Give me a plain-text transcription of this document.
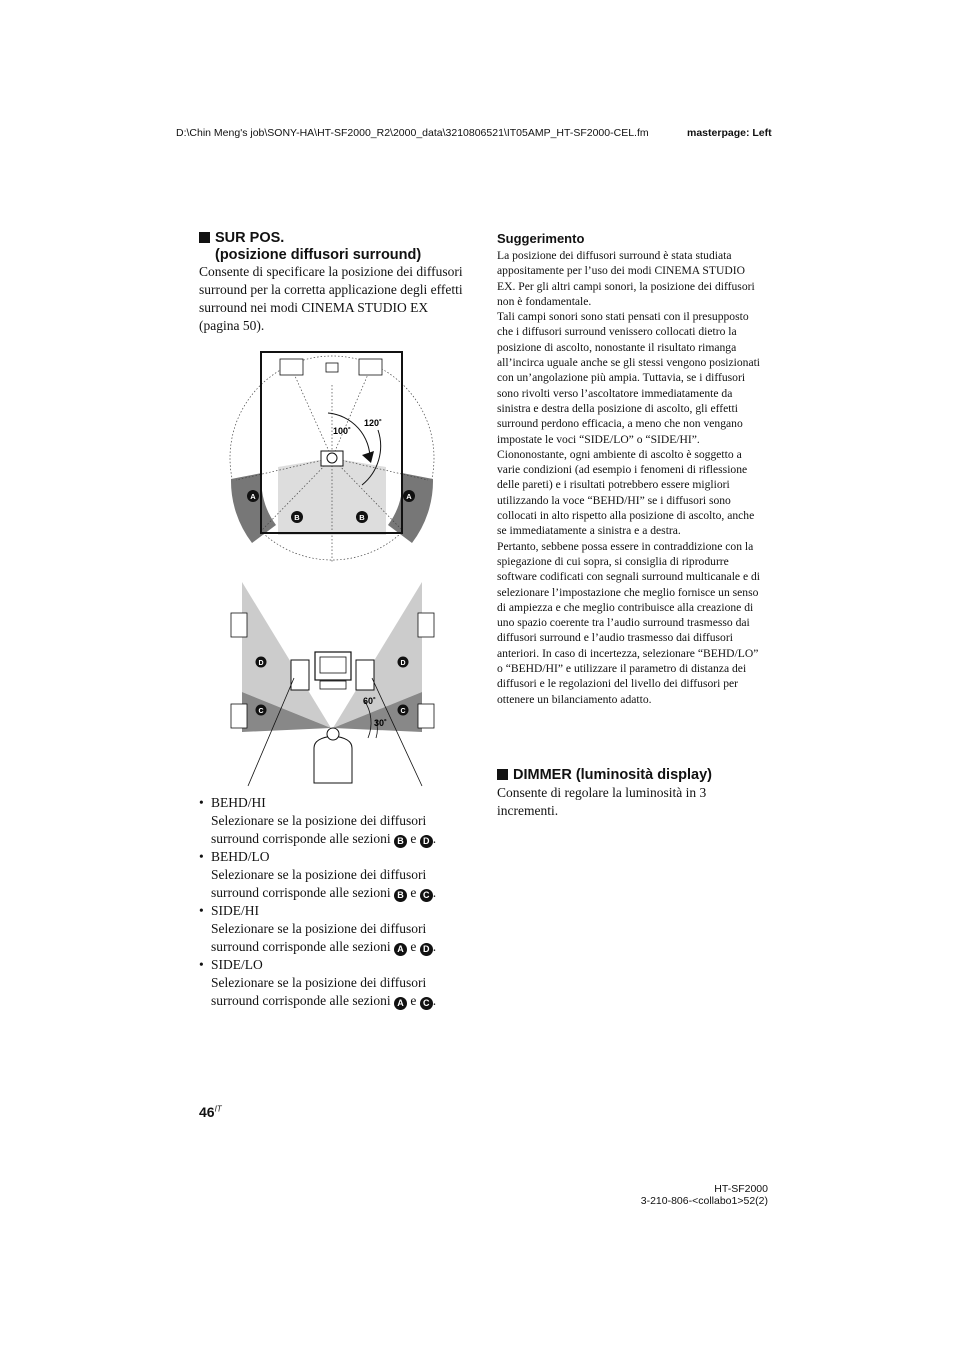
D:\Chin Meng's job\SONY-HA\HT-SF2000_R2\2000_data\3210806521\IT05AMP_HT-SF2000-CEL.fm	masterpage: Left
SUR POS.
(posizione diffusori surround)
Consente di specificare la posizione dei diffusori surround per la corretta applicazione degli effetti surround nei modi CINEMA STUDIO EX (pagina 50).
120˚
100˚
A	A
B	B
60˚
30˚
D
C
D
C
• BEHD/HI
Selezionare se la posizione dei diffusori surround corrisponde alle sezioni B e D .
• BEHD/LO
Selezionare se la posizione dei diffusori surround corrisponde alle sezioni B e C .
• SIDE/HI
Selezionare se la posizione dei diffusori surround corrisponde alle sezioni A e D .
• SIDE/LO
Selezionare se la posizione dei diffusori surround corrisponde alle sezioni A e C .
Suggerimento
La posizione dei diffusori surround è stata studiata appositamente per l’uso dei modi CINEMA STUDIO EX. Per gli altri campi sonori, la posizione dei diffusori non è fondamentale.
Tali campi sonori sono stati pensati con il presupposto che i diffusori surround venissero collocati dietro la posizione di ascolto, nonostante il risultato rimanga all’incirca uguale anche se gli stessi vengono posizionati con un’angolazione più ampia. Tuttavia, se i diffusori sono rivolti verso l’ascoltatore immediatamente da sinistra e destra della posizione di ascolto, gli effetti surround perdono efficacia, a meno che non vengano impostate le voci “SIDE/LO” o “SIDE/HI”. Ciononostante, ogni ambiente di ascolto è soggetto a varie condizioni (ad esempio i fenomeni di riflessione delle pareti) e i risultati potrebbero essere migliori utilizzando la voce “BEHD/HI” se i diffusori sono collocati in alto rispetto alla posizione di ascolto, anche se immediatamente a sinistra e a destra.
Pertanto, sebbene possa essere in contraddizione con la spiegazione di cui sopra, si consiglia di riprodurre software codificati con segnali surround multicanale e di selezionare l’impostazione che meglio fornisce un senso di ampiezza e che meglio contribuisce alla creazione di uno spazio coerente tra l’audio surround trasmesso dai diffusori surround e l’audio trasmesso dai diffusori anteriori. In caso di incertezza, selezionare “BEHD/LO” o “BEHD/HI” e utilizzare il parametro di distanza dei diffusori e le regolazioni del livello dei diffusori per ottenere un bilanciamento adatto.
DIMMER (luminosità display)
Consente di regolare la luminosità in 3 incrementi.
$46^{IT}$
HT-SF2000
3-210-806-<collabo1>52(2)
